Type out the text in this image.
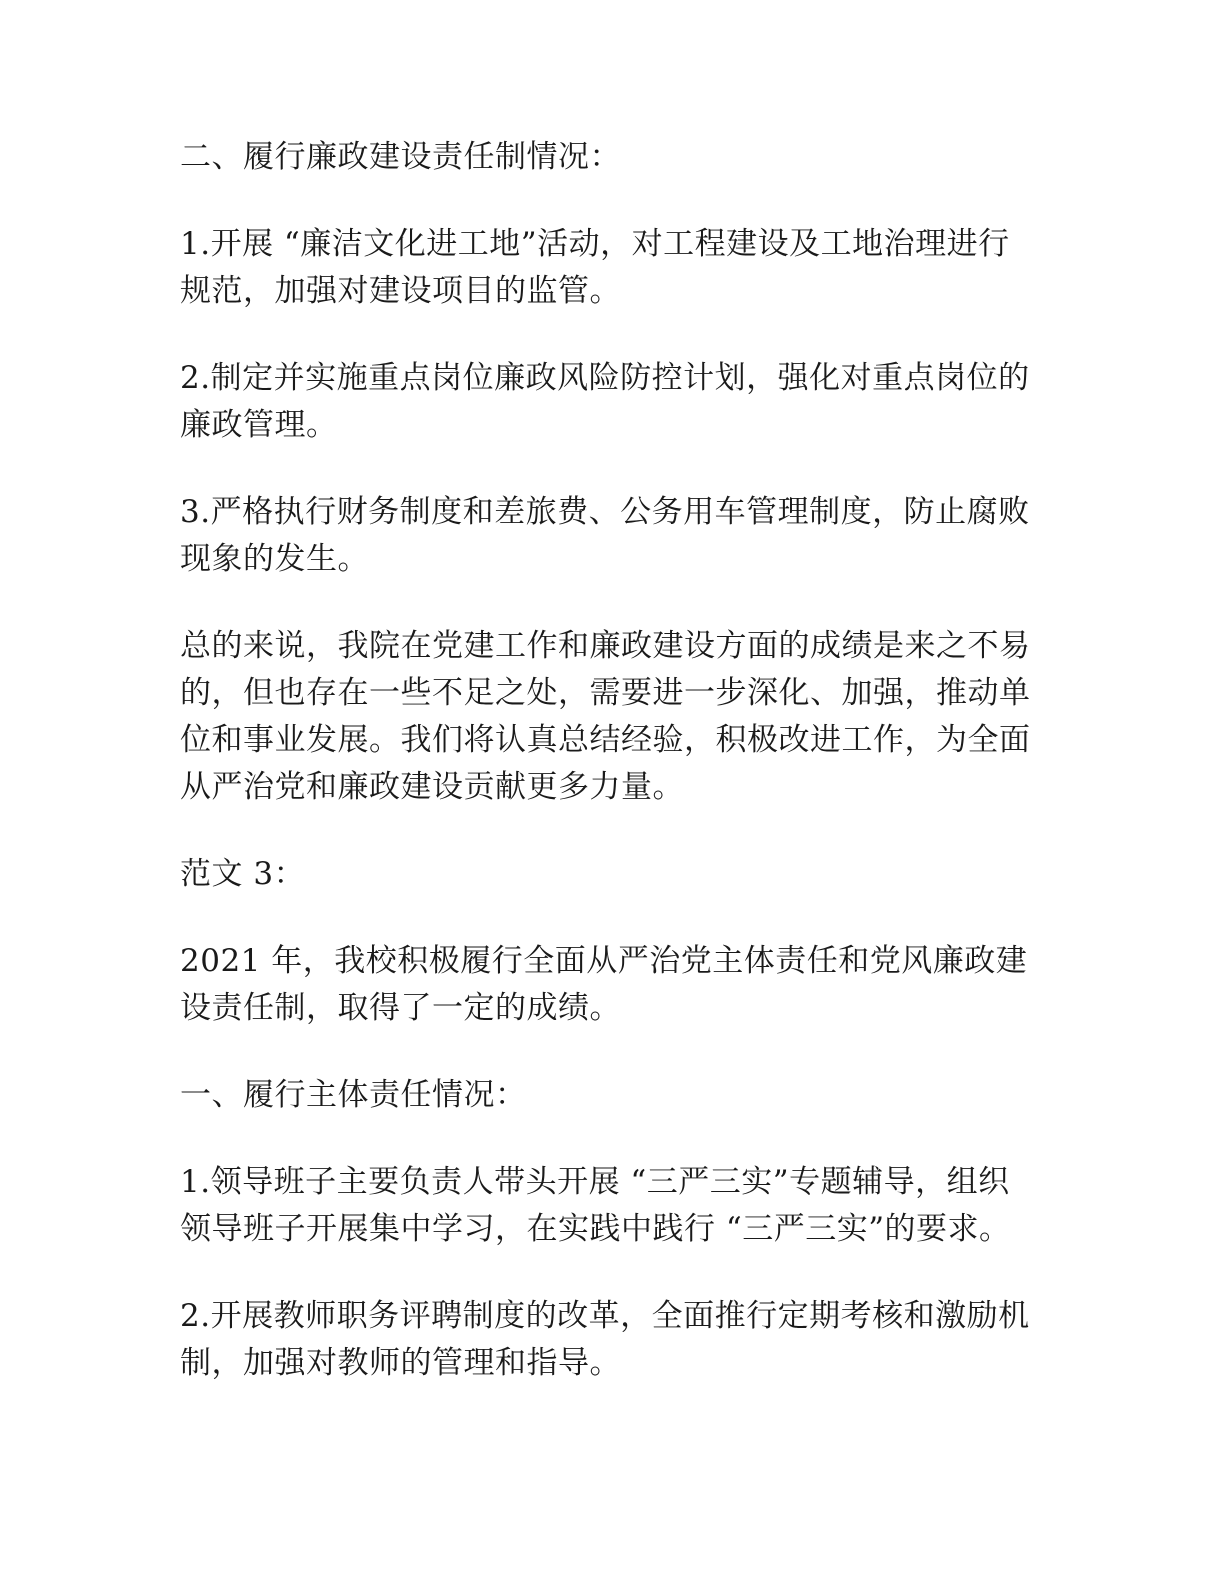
二、履行廉政建设责任制情况：

1.开展 “廉洁文化进工地”活动，对工程建设及工地治理进行规范，加强对建设项目的监管。

2.制定并实施重点岗位廉政风险防控计划，强化对重点岗位的廉政管理。

3.严格执行财务制度和差旅费、公务用车管理制度，防止腐败现象的发生。

总的来说，我院在党建工作和廉政建设方面的成绩是来之不易的，但也存在一些不足之处，需要进一步深化、加强，推动单位和事业发展。我们将认真总结经验，积极改进工作，为全面从严治党和廉政建设贡献更多力量。

范文 3：

2021 年，我校积极履行全面从严治党主体责任和党风廉政建设责任制，取得了一定的成绩。

一、履行主体责任情况：

1.领导班子主要负责人带头开展 “三严三实”专题辅导，组织领导班子开展集中学习，在实践中践行 “三严三实”的要求。

2.开展教师职务评聘制度的改革，全面推行定期考核和激励机制，加强对教师的管理和指导。
